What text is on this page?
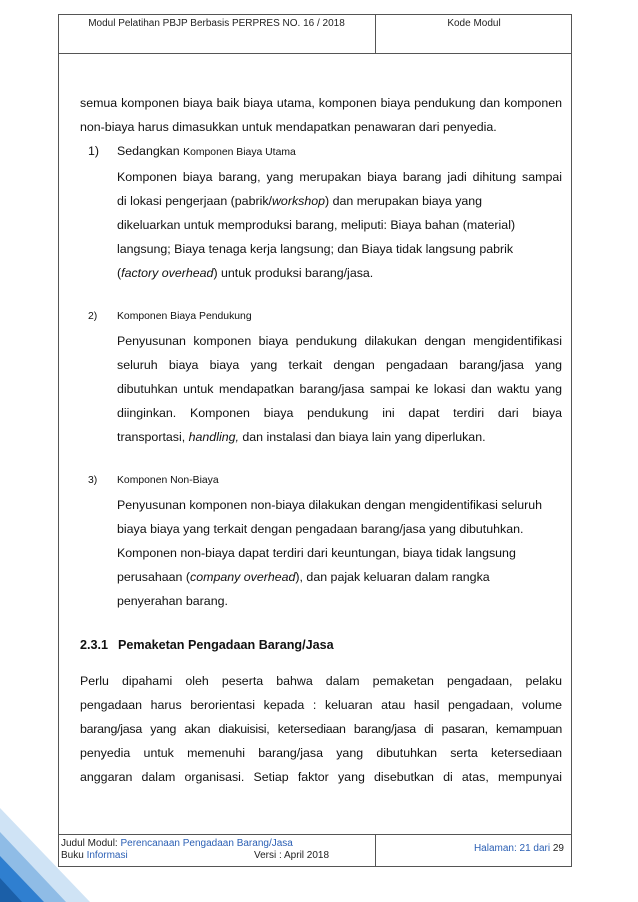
Modul Pelatihan PBJP Berbasis PERPRES NO. 16 / 2018	Kode Modul

semua komponen biaya baik biaya utama, komponen biaya pendukung dan komponen

non-biaya harus dimasukkan untuk mendapatkan penawaran dari penyedia.

1) Sedangkan Komponen Biaya Utama
Komponen biaya barang, yang merupakan biaya barang jadi dihitung sampai
di lokasi pengerjaan (pabrik/workshop) dan merupakan biaya yang
dikeluarkan untuk memproduksi barang, meliputi: Biaya bahan (material)
langsung; Biaya tenaga kerja langsung; dan Biaya tidak langsung pabrik
(factory overhead) untuk produksi barang/jasa.
2) Komponen Biaya Pendukung
Penyusunan komponen biaya pendukung dilakukan dengan mengidentifikasi
seluruh biaya biaya yang terkait dengan pengadaan barang/jasa yang
dibutuhkan untuk mendapatkan barang/jasa sampai ke lokasi dan waktu yang
diinginkan. Komponen biaya pendukung ini dapat terdiri dari biaya
transportasi, handling, dan instalasi dan biaya lain yang diperlukan.
3) Komponen Non-Biaya
Penyusunan komponen non-biaya dilakukan dengan mengidentifikasi seluruh
biaya biaya yang terkait dengan pengadaan barang/jasa yang dibutuhkan.
Komponen non-biaya dapat terdiri dari keuntungan, biaya tidak langsung
perusahaan (company overhead), dan pajak keluaran dalam rangka
penyerahan barang.

2.3.1 Pemaketan Pengadaan Barang/Jasa

Perlu dipahami oleh peserta bahwa dalam pemaketan pengadaan, pelaku

pengadaan harus berorientasi kepada : keluaran atau hasil pengadaan, volume

barang/jasa yang akan diakuisisi, ketersediaan barang/jasa di pasaran, kemampuan

penyedia untuk memenuhi barang/jasa yang dibutuhkan serta ketersediaan

anggaran dalam organisasi. Setiap faktor yang disebutkan di atas, mempunyai

Judul Modul: Perencanaan Pengadaan Barang/Jasa
Buku Informasi	Versi : April 2018
Halaman: 21 dari 29
